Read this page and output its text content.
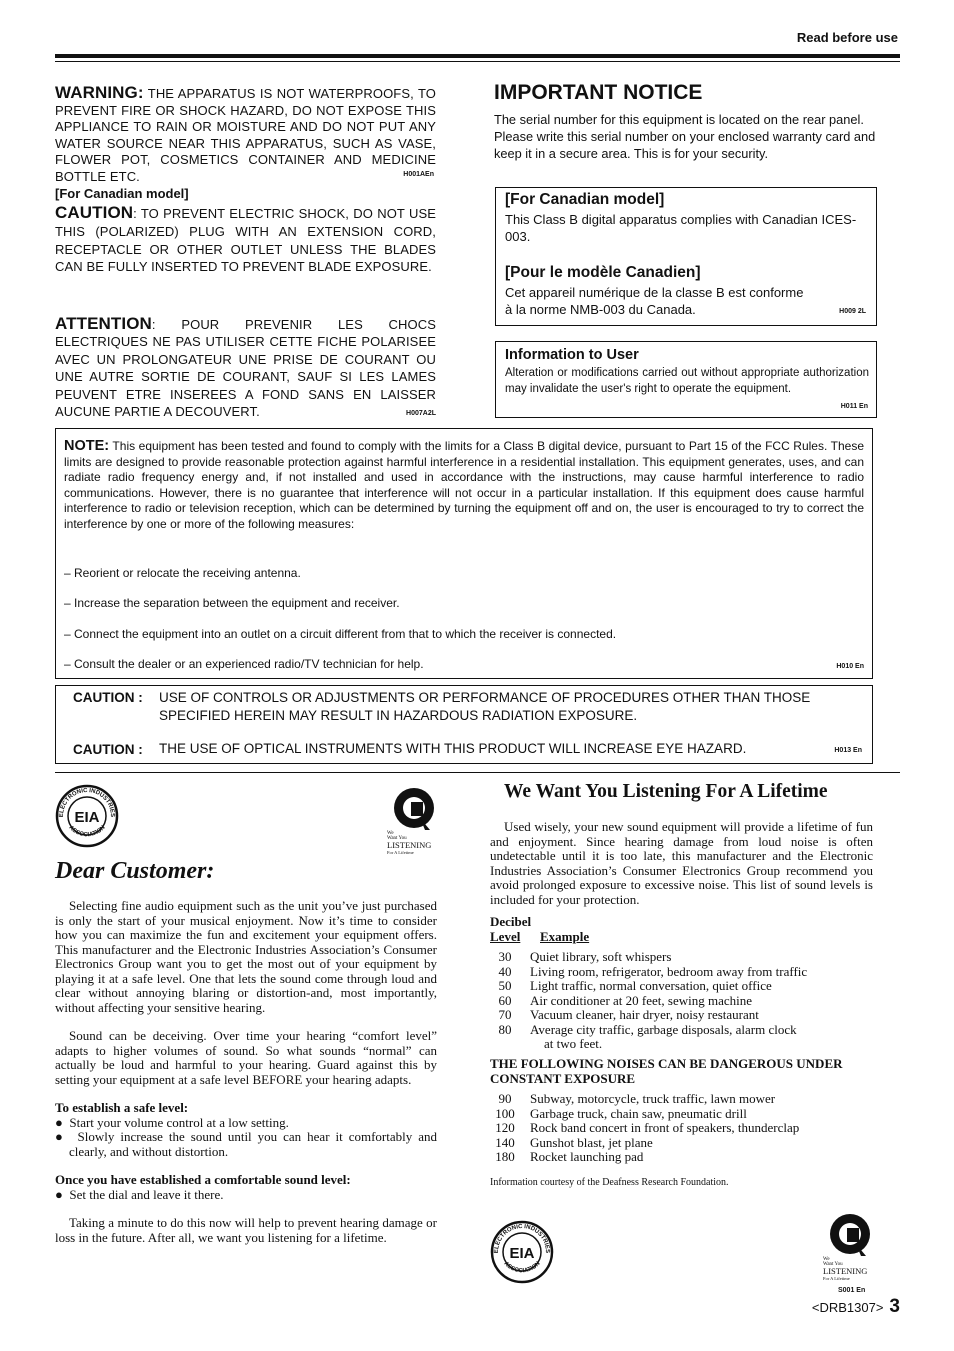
Read before use
WARNING: THE APPARATUS IS NOT WATERPROOFS, TO PREVENT FIRE OR SHOCK HAZARD, DO NOT EXPOSE THIS APPLIANCE TO RAIN OR MOISTURE AND DO NOT PUT ANY WATER SOURCE NEAR THIS APPARATUS, SUCH AS VASE, FLOWER POT, COSMETICS CONTAINER AND MEDICINE BOTTLE ETC.	H001AEn
[For Canadian model]
CAUTION: TO PREVENT ELECTRIC SHOCK, DO NOT USE THIS (POLARIZED) PLUG WITH AN EXTENSION CORD, RECEPTACLE OR OTHER OUTLET UNLESS THE BLADES CAN BE FULLY INSERTED TO PREVENT BLADE EXPOSURE.
ATTENTION: POUR PREVENIR LES CHOCS ELECTRIQUES NE PAS UTILISER CETTE FICHE POLARISEE AVEC UN PROLONGATEUR UNE PRISE DE COURANT OU UNE AUTRE SORTIE DE COURANT, SAUF SI LES LAMES PEUVENT ETRE INSEREES A FOND SANS EN LAISSER AUCUNE PARTIE A DECOUVERT.	H007A2L
IMPORTANT NOTICE
The serial number for this equipment is located on the rear panel. Please write this serial number on your enclosed warranty card and keep it in a secure area. This is for your security.
[For Canadian model]
This Class B digital apparatus complies with Canadian ICES-003.
[Pour le modèle Canadien]
Cet appareil numérique de la classe B est conforme à la norme NMB-003 du Canada.	H009 2L
Information to User
Alteration or modifications carried out without appropriate authorization may invalidate the user's right to operate the equipment.
H011 En
NOTE: This equipment has been tested and found to comply with the limits for a Class B digital device, pursuant to Part 15 of the FCC Rules. These limits are designed to provide reasonable protection against harmful interference in a residential installation. This equipment generates, uses, and can radiate radio frequency energy and, if not installed and used in accordance with the instructions, may cause harmful interference to radio communications. However, there is no guarantee that interference will not occur in a particular installation. If this equipment does cause harmful interference to radio or television reception, which can be determined by turning the equipment off and on, the user is encouraged to try to correct the interference by one or more of the following measures:
– Reorient or relocate the receiving antenna.
– Increase the separation between the equipment and receiver.
– Connect the equipment into an outlet on a circuit different from that to which the receiver is connected.
– Consult the dealer or an experienced radio/TV technician for help.	H010 En
CAUTION : USE OF CONTROLS OR ADJUSTMENTS OR PERFORMANCE OF PROCEDURES OTHER THAN THOSE SPECIFIED HEREIN MAY RESULT IN HAZARDOUS RADIATION EXPOSURE.
CAUTION : THE USE OF OPTICAL INSTRUMENTS WITH THIS PRODUCT WILL INCREASE EYE HAZARD.	H013 En
EIA
ELECTRONIC INDUSTRIES
ASSOCIATION
We
Want You
LISTENING
For A Lifetime
Dear Customer:

Selecting fine audio equipment such as the unit you’ve just purchased is only the start of your musical enjoyment. Now it’s time to consider how you can maximize the fun and excitement your equipment offers. This manufacturer and the Electronic Industries Association’s Consumer Electronics Group want you to get the most out of your equipment by playing it at a safe level. One that lets the sound come through loud and clear without annoying blaring or distortion-and, most importantly, without affecting your sensitive hearing.

Sound can be deceiving. Over time your hearing “comfort level” adapts to higher volumes of sound. So what sounds “normal” can actually be loud and harmful to your hearing. Guard against this by setting your equipment at a safe level BEFORE your hearing adapts.

To establish a safe level:
●  Start your volume control at a low setting.
●  Slowly increase the sound until you can hear it comfortably and clearly, and without distortion.
Once you have established a comfortable sound level:
●  Set the dial and leave it there.

Taking a minute to do this now will help to prevent hearing damage or loss in the future. After all, we want you listening for a lifetime.

We Want You Listening For A Lifetime

Used wisely, your new sound equipment will provide a lifetime of fun and enjoyment. Since hearing damage from loud noise is often undetectable until it is too late, this manufacturer and the Electronic Industries Association’s Consumer Electronics Group recommend you avoid prolonged exposure to excessive noise. This list of sound levels is included for your protection.

Decibel
Level Example
30	Quiet library, soft whispers
40	Living room, refrigerator, bedroom away from traffic
50	Light traffic, normal conversation, quiet office
60	Air conditioner at 20 feet, sewing machine
70	Vacuum cleaner, hair dryer, noisy restaurant
80	Average city traffic, garbage disposals, alarm clock
at two feet.
THE FOLLOWING NOISES CAN BE DANGEROUS UNDER CONSTANT EXPOSURE
90	Subway, motorcycle, truck traffic, lawn mower
100	Garbage truck, chain saw, pneumatic drill
120	Rock band concert in front of speakers, thunderclap
140	Gunshot blast, jet plane
180	Rocket launching pad
Information courtesy of the Deafness Research Foundation.
EIA
ELECTRONIC INDUSTRIES
ASSOCIATION
We
Want You
LISTENING
For A Lifetime
S001 En
<DRB1307> 3
